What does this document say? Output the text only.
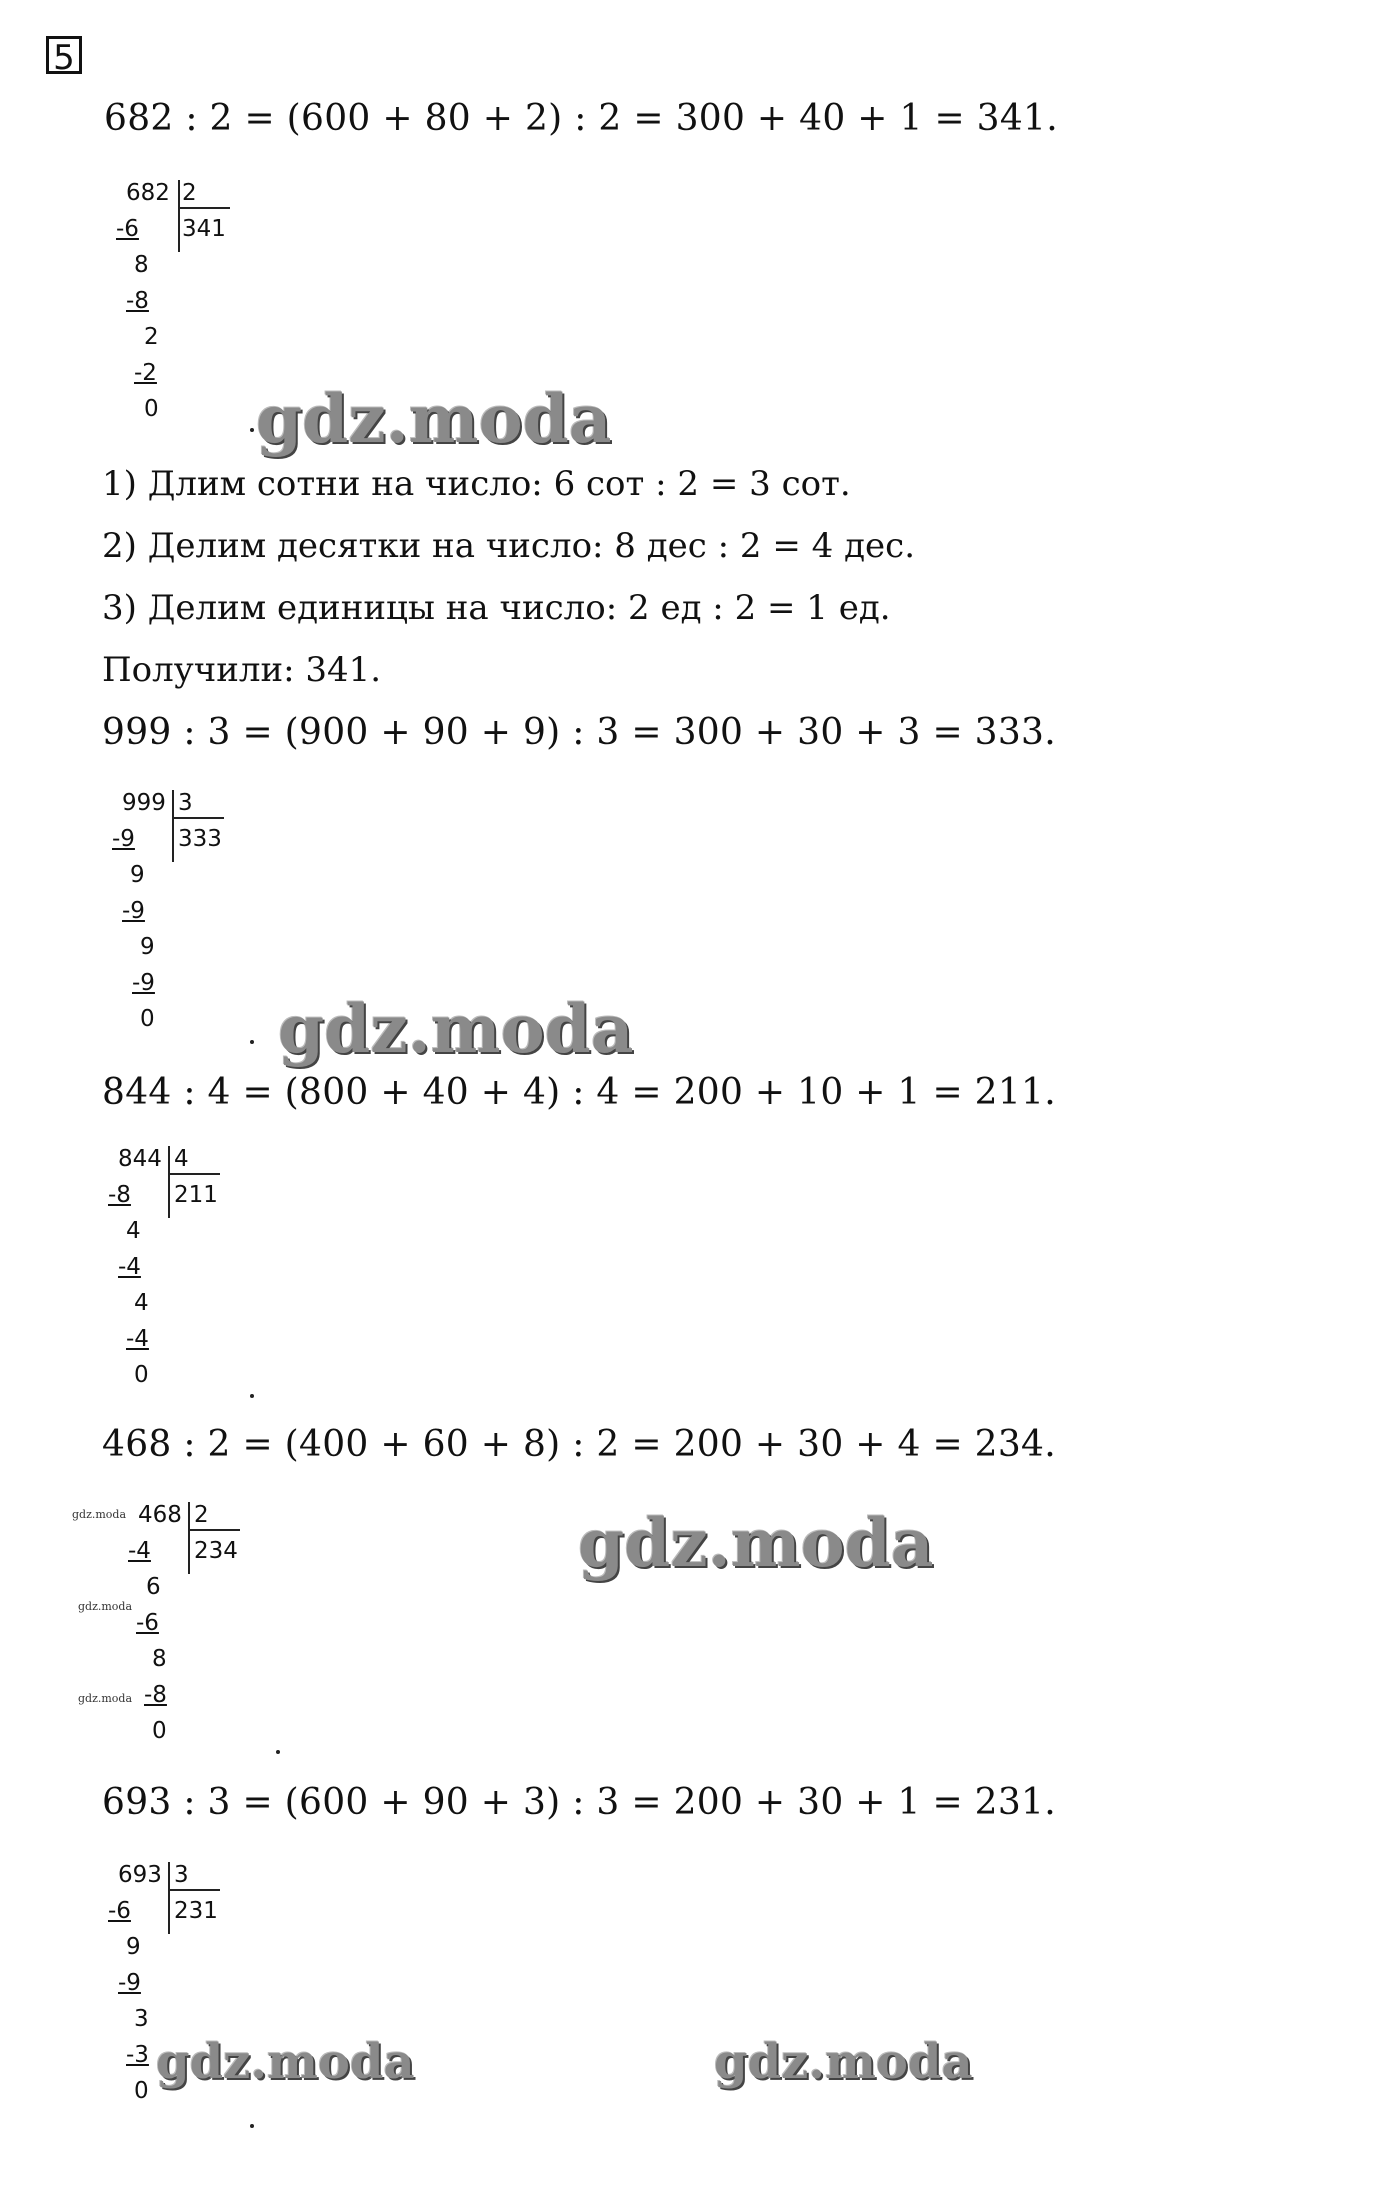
5
682 : 2 = (600 + 80 + 2) : 2 = 300 + 40 + 1 = 341.
682 2
341
-6
8
-8
2
-2
0 gdz.moda
1) Длим сотни на число: 6 сот : 2 = 3 сот.
2) Делим десятки на число: 8 дес : 2 = 4 дес.
3) Делим единицы на число: 2 ед : 2 = 1 ед.
Получили: 341.
999 : 3 = (900 + 90 + 9) : 3 = 300 + 30 + 3 = 333.
999 3
333
-9
9
-9
9
-9
0 gdz.moda
844 : 4 = (800 + 40 + 4) : 4 = 200 + 10 + 1 = 211.
844 4
211
-8
4
-4
4
-4
0
468 : 2 = (400 + 60 + 8) : 2 = 200 + 30 + 4 = 234.
gdz.moda
gdz.moda
gdz.moda
468 2
234
-4
6
-6
8
-8
0
gdz.moda
693 : 3 = (600 + 90 + 3) : 3 = 200 + 30 + 1 = 231.
693 3
231
-6
9
-9
3
-3
0
gdz.moda	gdz.moda
